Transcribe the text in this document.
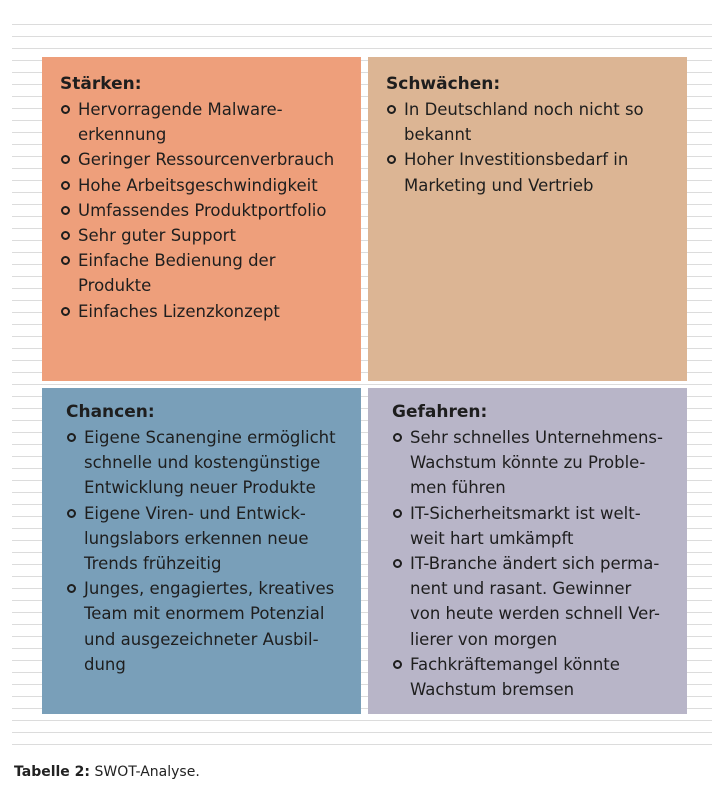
Stärken:
Hervorragende Malware-
erkennung
Geringer Ressourcenverbrauch
Hohe Arbeitsgeschwindigkeit
Umfassendes Produktportfolio
Sehr guter Support
Einfache Bedienung der
Produkte
Einfaches Lizenzkonzept
Schwächen:
In Deutschland noch nicht so
bekannt
Hoher Investitionsbedarf in
Marketing und Vertrieb
Chancen:
Eigene Scanengine ermöglicht
schnelle und kostengünstige
Entwicklung neuer Produkte
Eigene Viren- und Entwick-
lungslabors erkennen neue
Trends frühzeitig
Junges, engagiertes, kreatives
Team mit enormem Potenzial
und ausgezeichneter Ausbil-
dung
Gefahren:
Sehr schnelles Unternehmens-
Wachstum könnte zu Proble-
men führen
IT-Sicherheitsmarkt ist welt-
weit hart umkämpft
IT-Branche ändert sich perma-
nent und rasant. Gewinner
von heute werden schnell Ver-
lierer von morgen
Fachkräftemangel könnte
Wachstum bremsen
Tabelle 2: SWOT-Analyse.
